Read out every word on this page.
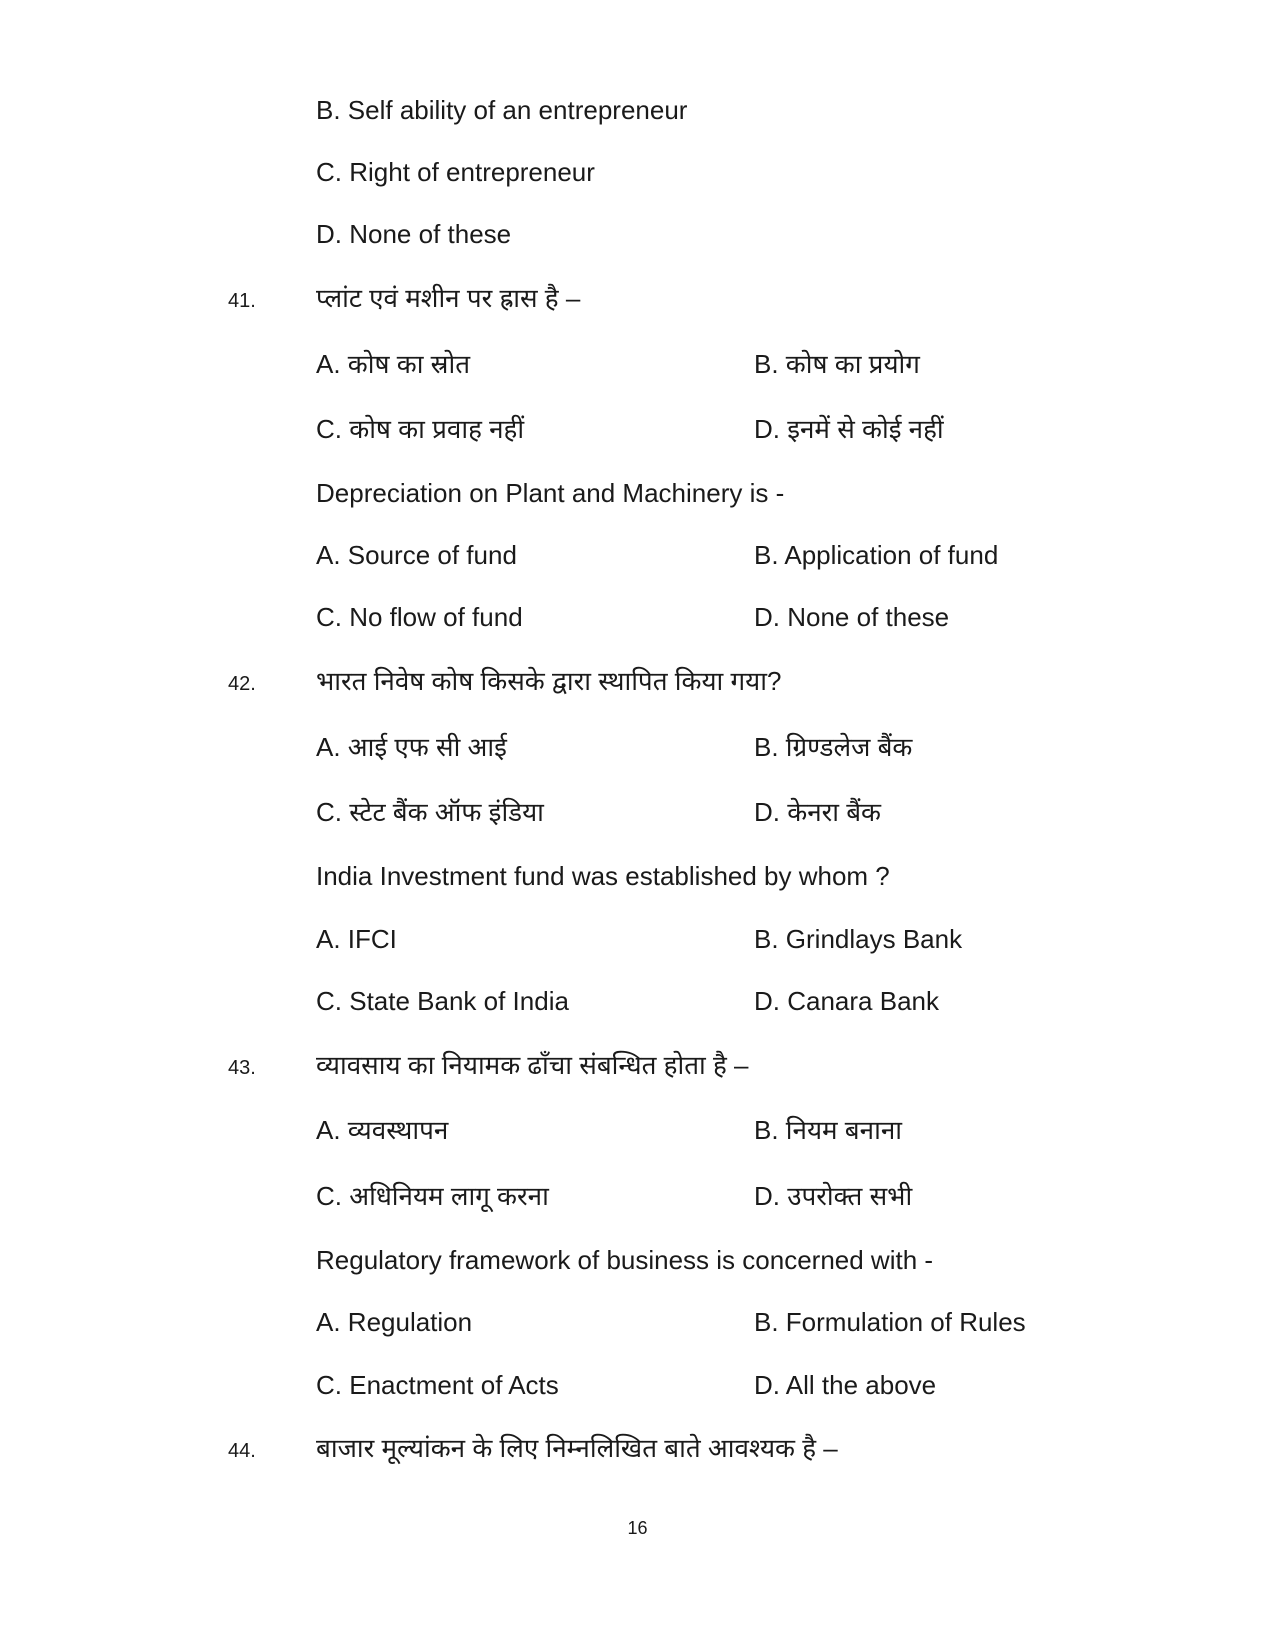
B. Self ability of an entrepreneur
C. Right of entrepreneur
D. None of these
41. प्लांट एवं मशीन पर ह्रास है –
A. कोष का स्रोत	B. कोष का प्रयोग
C. कोष का प्रवाह नहीं	D. इनमें से कोई नहीं
Depreciation on Plant and Machinery is -
A. Source of fund	B. Application of fund
C. No flow of fund	D. None of these
42. भारत निवेष कोष किसके द्वारा स्थापित किया गया?
A. आई एफ सी आई	B. ग्रिण्डलेज बैंक
C. स्टेट बैंक ऑफ इंडिया	D. केनरा बैंक
India Investment fund was established by whom ?
A. IFCI	B. Grindlays Bank
C. State Bank of India	D. Canara Bank
43. व्यावसाय का नियामक ढाँचा संबन्धित होता है –
A. व्यवस्थापन	B. नियम बनाना
C. अधिनियम लागू करना	D. उपरोक्त सभी
Regulatory framework of business is concerned with -
A. Regulation	B. Formulation of Rules
C. Enactment of Acts	D. All the above
44. बाजार मूल्यांकन के लिए निम्नलिखित बाते आवश्यक है –
16
